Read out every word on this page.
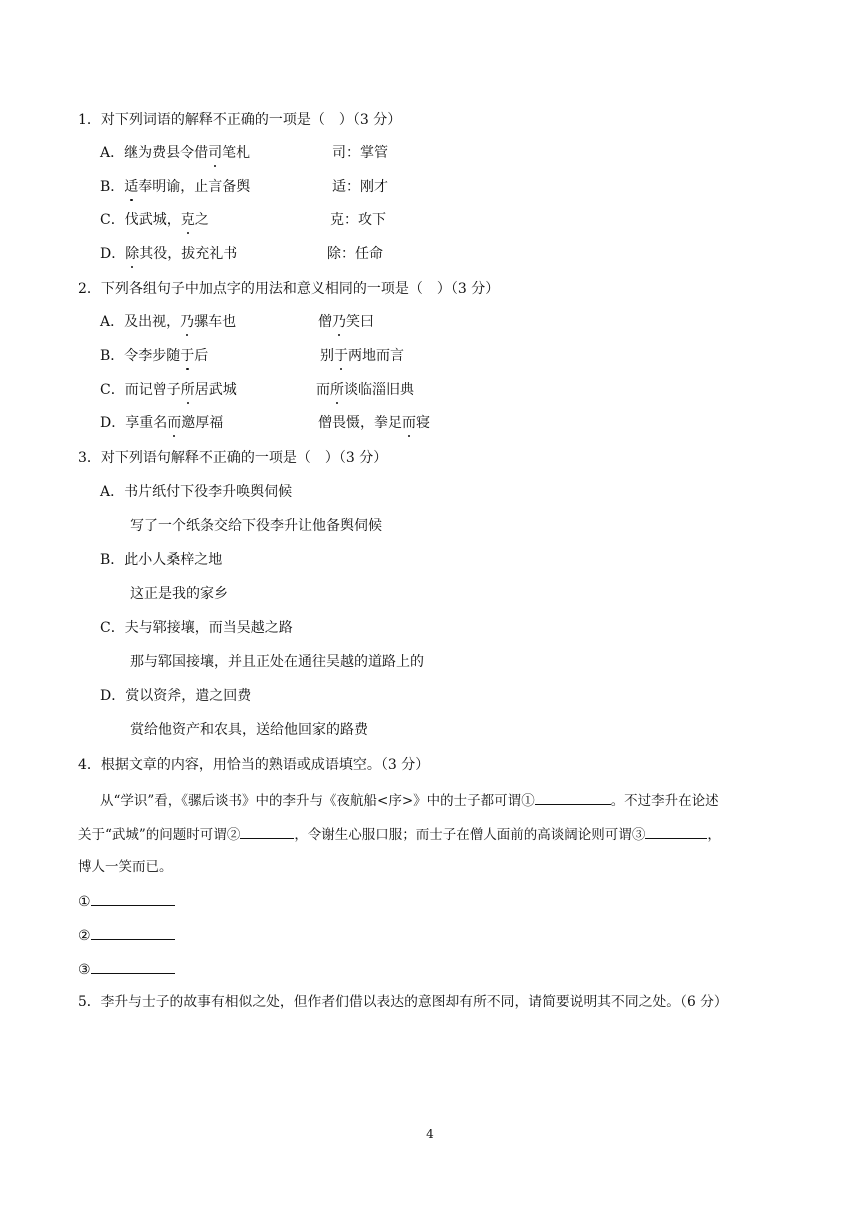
1．对下列词语的解释不正确的一项是（　）（3 分）
A．继为费县令借司笔札	司：掌管
B．适奉明谕，止言备舆	适：刚才
C．伐武城，克之	克：攻下
D．除其役，拔充礼书	除：任命
2．下列各组句子中加点字的用法和意义相同的一项是（　）（3 分）
A．及出视，乃骡车也	僧乃笑曰
B．令李步随于后	别于两地而言
C．而记曾子所居武城	而所谈临淄旧典
D．享重名而邀厚福	僧畏慑，拳足而寝
3．对下列语句解释不正确的一项是（　）（3 分）
A．书片纸付下役李升唤舆伺候
写了一个纸条交给下役李升让他备舆伺候
B．此小人桑梓之地
这正是我的家乡
C．夫与郓接壤，而当吴越之路
那与郓国接壤，并且正处在通往吴越的道路上的
D．赏以资斧，遣之回费
赏给他资产和农具，送给他回家的路费
4．根据文章的内容，用恰当的熟语或成语填空。（3 分）
从“学识”看，《骡后谈书》中的李升与《夜航船<序>》中的士子都可谓①	。不过李升在论述
关于“武城”的问题时可谓②	，令谢生心服口服；而士子在僧人面前的高谈阔论则可谓③	，
博人一笑而已。
①
②
③
5．李升与士子的故事有相似之处，但作者们借以表达的意图却有所不同，请简要说明其不同之处。（6 分）
4
